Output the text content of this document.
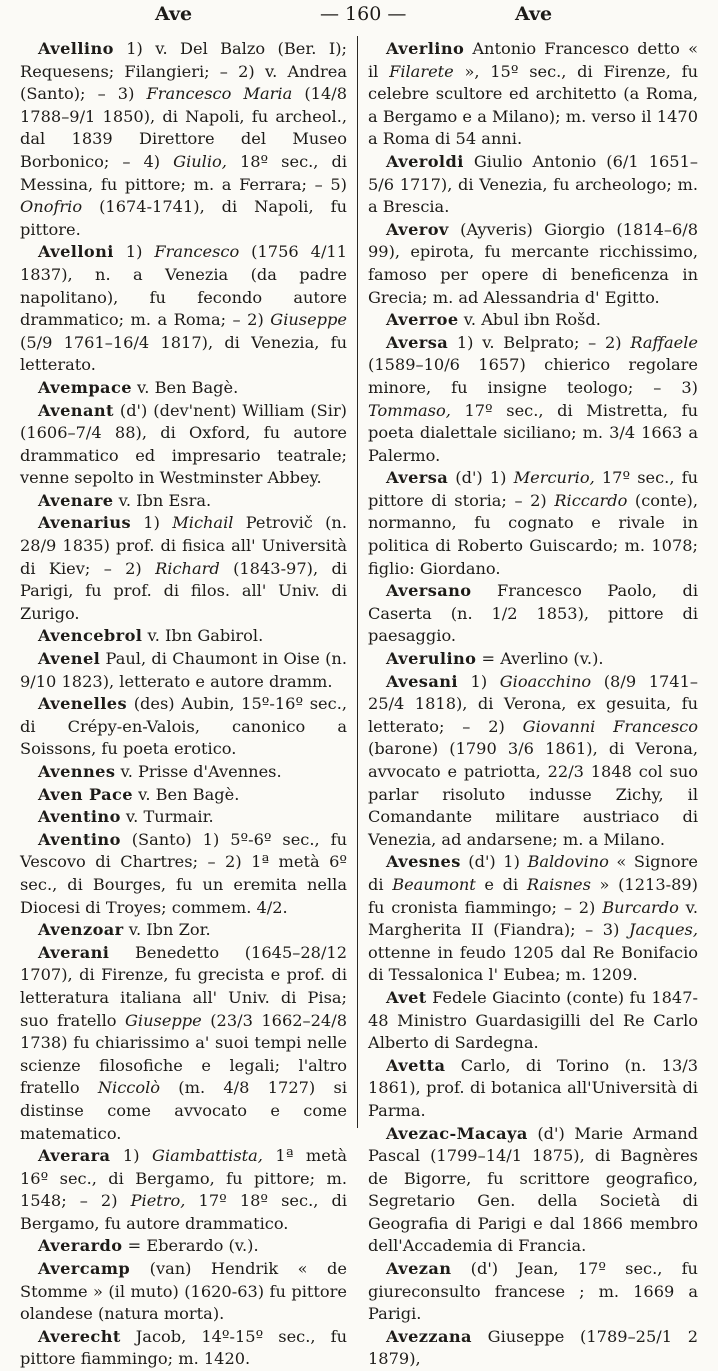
Ave	— 160 —	Ave

Avellino 1) v. Del Balzo (Ber. I); Requesens; Filangieri; – 2) v. Andrea (Santo); – 3) Francesco Maria (14/8 1788–9/1 1850), di Napoli, fu archeol., dal 1839 Direttore del Museo Borbonico; – 4) Giulio, 18º sec., di Messina, fu pittore; m. a Ferrara; – 5) Onofrio (1674-1741), di Napoli, fu pittore.

Avelloni 1) Francesco (1756 4/11 1837), n. a Venezia (da padre napolitano), fu fecondo autore drammatico; m. a Roma; – 2) Giuseppe (5/9 1761–16/4 1817), di Venezia, fu letterato.

Avempace v. Ben Bagè.

Avenant (d') (dev'nent) William (Sir) (1606–7/4 88), di Oxford, fu autore drammatico ed impresario teatrale; venne sepolto in Westminster Abbey.

Avenare v. Ibn Esra.

Avenarius 1) Michail Petrovič (n. 28/9 1835) prof. di fisica all' Università di Kiev; – 2) Richard (1843-97), di Parigi, fu prof. di filos. all' Univ. di Zurigo.

Avencebrol v. Ibn Gabirol.

Avenel Paul, di Chaumont in Oise (n. 9/10 1823), letterato e autore dramm.

Avenelles (des) Aubin, 15º-16º sec., di Crépy-en-Valois, canonico a Soissons, fu poeta erotico.

Avennes v. Prisse d'Avennes.

Aven Pace v. Ben Bagè.

Aventino v. Turmair.

Aventino (Santo) 1) 5º-6º sec., fu Vescovo di Chartres; – 2) 1ª metà 6º sec., di Bourges, fu un eremita nella Diocesi di Troyes; commem. 4/2.

Avenzoar v. Ibn Zor.

Averani Benedetto (1645–28/12 1707), di Firenze, fu grecista e prof. di letteratura italiana all' Univ. di Pisa; suo fratello Giuseppe (23/3 1662–24/8 1738) fu chiarissimo a' suoi tempi nelle scienze filosofiche e legali; l'altro fratello Niccolò (m. 4/8 1727) si distinse come avvocato e come matematico.

Averara 1) Giambattista, 1ª metà 16º sec., di Bergamo, fu pittore; m. 1548; – 2) Pietro, 17º 18º sec., di Bergamo, fu autore drammatico.

Averardo = Eberardo (v.).

Avercamp (van) Hendrik « de Stomme » (il muto) (1620-63) fu pittore olandese (natura morta).

Averecht Jacob, 14º-15º sec., fu pittore fiammingo; m. 1420.

Averlino Antonio Francesco detto « il Filarete », 15º sec., di Firenze, fu celebre scultore ed architetto (a Roma, a Bergamo e a Milano); m. verso il 1470 a Roma di 54 anni.

Averoldi Giulio Antonio (6/1 1651–5/6 1717), di Venezia, fu archeologo; m. a Brescia.

Averov (Ayveris) Giorgio (1814–6/8 99), epirota, fu mercante ricchissimo, famoso per opere di beneficenza in Grecia; m. ad Alessandria d' Egitto.

Averroe v. Abul ibn Rošd.

Aversa 1) v. Belprato; – 2) Raffaele (1589–10/6 1657) chierico regolare minore, fu insigne teologo; – 3) Tommaso, 17º sec., di Mistretta, fu poeta dialettale siciliano; m. 3/4 1663 a Palermo.

Aversa (d') 1) Mercurio, 17º sec., fu pittore di storia; – 2) Riccardo (conte), normanno, fu cognato e rivale in politica di Roberto Guiscardo; m. 1078; figlio: Giordano.

Aversano Francesco Paolo, di Caserta (n. 1/2 1853), pittore di paesaggio.

Averulino = Averlino (v.).

Avesani 1) Gioacchino (8/9 1741–25/4 1818), di Verona, ex gesuita, fu letterato; – 2) Giovanni Francesco (barone) (1790 3/6 1861), di Verona, avvocato e patriotta, 22/3 1848 col suo parlar risoluto indusse Zichy, il Comandante militare austriaco di Venezia, ad andarsene; m. a Milano.

Avesnes (d') 1) Baldovino « Signore di Beaumont e di Raisnes » (1213-89) fu cronista fiammingo; – 2) Burcardo v. Margherita II (Fiandra); – 3) Jacques, ottenne in feudo 1205 dal Re Bonifacio di Tessalonica l' Eubea; m. 1209.

Avet Fedele Giacinto (conte) fu 1847-48 Ministro Guardasigilli del Re Carlo Alberto di Sardegna.

Avetta Carlo, di Torino (n. 13/3 1861), prof. di botanica all'Università di Parma.

Avezac-Macaya (d') Marie Armand Pascal (1799–14/1 1875), di Bagnères de Bigorre, fu scrittore geografico, Segretario Gen. della Società di Geografia di Parigi e dal 1866 membro dell'Accademia di Francia.

Avezan (d') Jean, 17º sec., fu giureconsulto francese ; m. 1669 a Parigi.

Avezzana Giuseppe (1789–25/1 2 1879),
